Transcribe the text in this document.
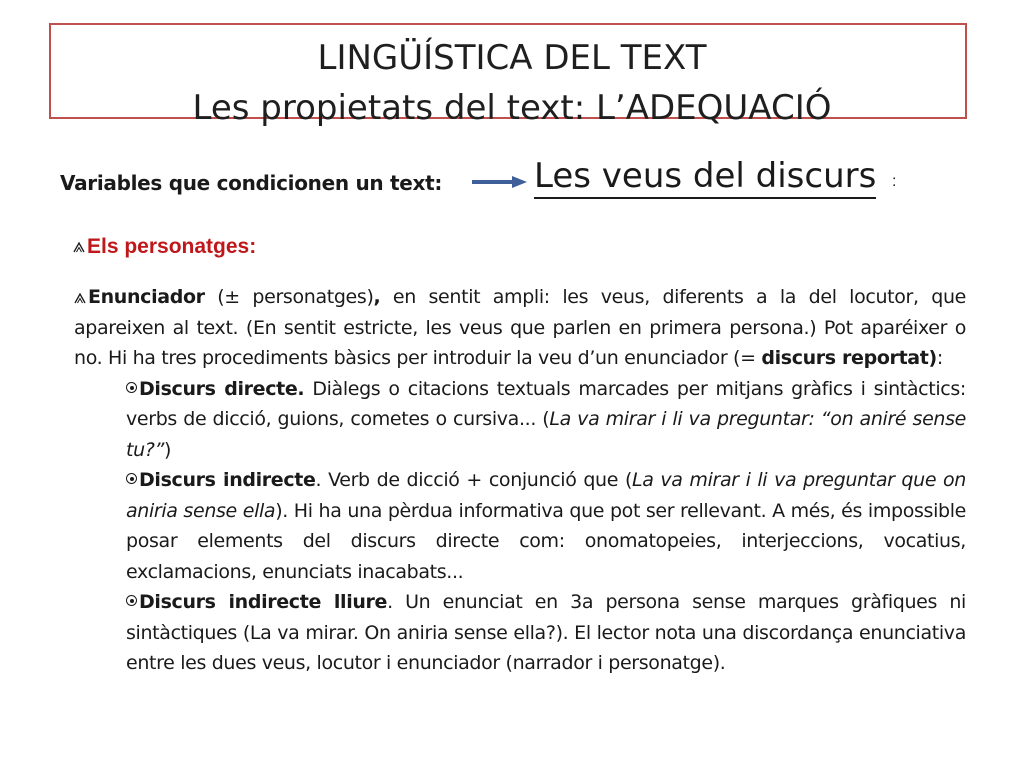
LINGÜÍSTICA DEL TEXT
Les propietats del text: L’ADEQUACIÓ
Variables que condicionen un text:	Les veus del discurs :
Els personatges:

Enunciador (± personatges), en sentit ampli: les veus, diferents a la del locutor, que apareixen al text. (En sentit estricte, les veus que parlen en primera persona.) Pot aparéixer o no. Hi ha tres procediments bàsics per introduir la veu d’un enunciador (= discurs reportat):

Discurs directe. Diàlegs o citacions textuals marcades per mitjans gràfics i sintàctics: verbs de dicció, guions, cometes o cursiva... (La va mirar i li va preguntar: “on aniré sense tu?”)

Discurs indirecte. Verb de dicció + conjunció que (La va mirar i li va preguntar que on aniria sense ella). Hi ha una pèrdua informativa que pot ser rellevant. A més, és impossible posar elements del discurs directe com: onomatopeies, interjeccions, vocatius, exclamacions, enunciats inacabats...

Discurs indirecte lliure. Un enunciat en 3a persona sense marques gràfiques ni sintàctiques (La va mirar. On aniria sense ella?). El lector nota una discordança enunciativa entre les dues veus, locutor i enunciador (narrador i personatge).
